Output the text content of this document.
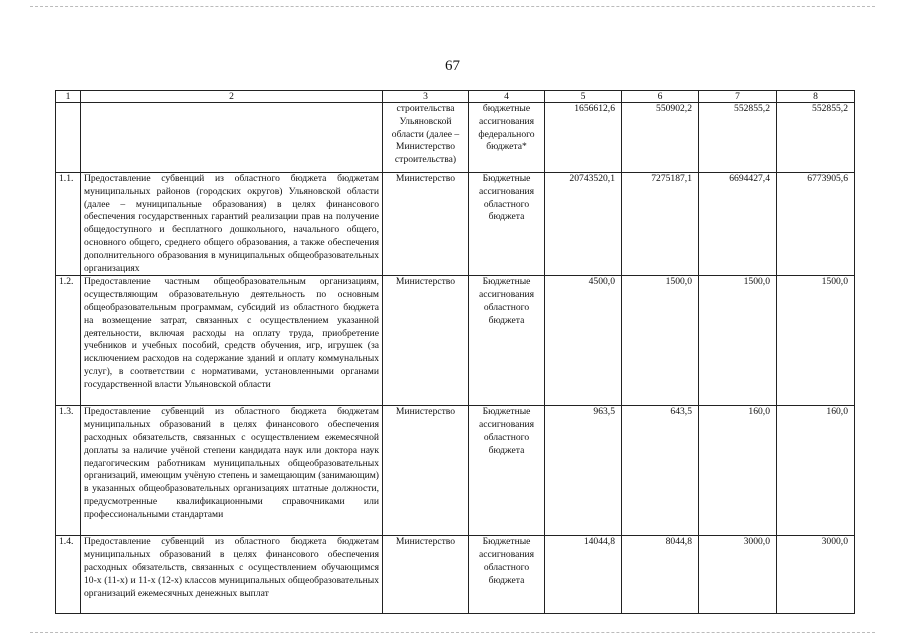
67
1	2	3	4	5	6	7	8
		строительства Ульяновской области (далее – Министерство строительства)	бюджетные ассигнования федерального бюджета*	1656612,6	550902,2	552855,2	552855,2
1.1.	Предоставление субвенций из областного бюджета бюджетам муниципальных районов (городских округов) Ульяновской области (далее – муниципальные образования) в целях финансового обеспечения государственных гарантий реализации прав на получение общедоступного и бесплатного дошкольного, начального общего, основного общего, среднего общего образования, а также обеспечения дополнительного образования в муниципальных общеобразовательных организациях	Министерство	Бюджетные ассигнования областного бюджета	20743520,1	7275187,1	6694427,4	6773905,6
1.2.	Предоставление частным общеобразовательным организациям, осуществляющим образовательную деятельность по основным общеобразовательным программам, субсидий из областного бюджета на возмещение затрат, связанных с осуществлением указанной деятельности, включая расходы на оплату труда, приобретение учебников и учебных пособий, средств обучения, игр, игрушек (за исключением расходов на содержание зданий и оплату коммунальных услуг), в соответствии с нормативами, установленными органами государственной власти Ульяновской области	Министерство	Бюджетные ассигнования областного бюджета	4500,0	1500,0	1500,0	1500,0
1.3.	Предоставление субвенций из областного бюджета бюджетам муниципальных образований в целях финансового обеспечения расходных обязательств, связанных с осуществлением ежемесячной доплаты за наличие учёной степени кандидата наук или доктора наук педагогическим работникам муниципальных общеобразовательных организаций, имеющим учёную степень и замещающим (занимающим) в указанных общеобразовательных организациях штатные должности, предусмотренные квалификационными справочниками или профессиональными стандартами	Министерство	Бюджетные ассигнования областного бюджета	963,5	643,5	160,0	160,0
1.4.	Предоставление субвенций из областного бюджета бюджетам муниципальных образований в целях финансового обеспечения расходных обязательств, связанных с осуществлением обучающимся 10-х (11-х) и 11-х (12-х) классов муниципальных общеобразовательных организаций ежемесячных денежных выплат	Министерство	Бюджетные ассигнования областного бюджета	14044,8	8044,8	3000,0	3000,0
